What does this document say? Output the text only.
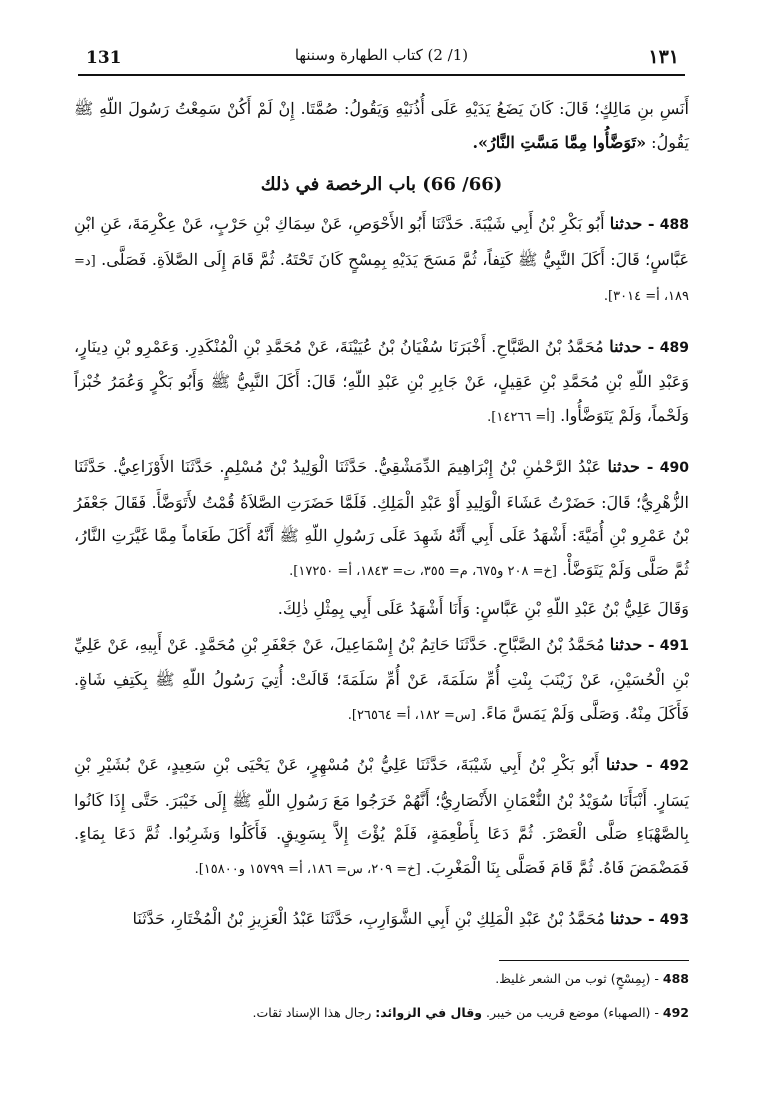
131	(1/ 2) كتاب الطهارة وسننها	١٣١

أَنَسِ بنِ مَالِكٍ؛ قَالَ: كَانَ يَضَعُ يَدَيْهِ عَلَى أُذُنَيْهِ وَيَقُولُ: صُمَّتَا. إِنْ لَمْ أَكُنْ سَمِعْتُ رَسُولَ اللّهِ ﷺ يَقُولُ: «تَوَضَّأُوا مِمَّا مَسَّتِ النَّارُ».

(66/ 66) باب الرخصة في ذلك

488 - حدثنا أَبُو بَكْرِ بْنُ أَبِي شَيْبَةَ. حَدَّثَنَا أَبُو الأَحْوَصِ، عَنْ سِمَاكِ بْنِ حَرْبٍ، عَنْ عِكْرِمَةَ، عَنِ ابْنِ عَبَّاسٍ؛ قَالَ: أَكَلَ النَّبِيُّ ﷺ كَتِفاً، ثُمَّ مَسَحَ يَدَيْهِ بِمِسْحٍ كَانَ تَحْتَهُ. ثُمَّ قَامَ إِلَى الصَّلاَةِ. فَصَلَّى. [د= ١٨٩، أ= ٣٠١٤].

489 - حدثنا مُحَمَّدُ بْنُ الصَّبَّاحِ. أَخْبَرَنَا سُفْيَانُ بْنُ عُيَيْنَةَ، عَنْ مُحَمَّدِ بْنِ الْمُنْكَدِرِ. وَعَمْرِو بْنِ دِينَارٍ، وَعَبْدِ اللّهِ بْنِ مُحَمَّدِ بْنِ عَقِيلٍ، عَنْ جَابِرِ بْنِ عَبْدِ اللّهِ؛ قَالَ: أَكَلَ النَّبِيُّ ﷺ وَأَبُو بَكْرٍ وَعُمَرُ خُبْزاً وَلَحْماً، وَلَمْ يَتَوَضَّأُوا. [أ= ١٤٢٦٦].

490 - حدثنا عَبْدُ الرَّحْمٰنِ بْنُ إِبْرَاهِيمَ الدِّمَشْقِيُّ. حَدَّثَنَا الْوَلِيدُ بْنُ مُسْلِمٍ. حَدَّثَنَا الأَوْزَاعِيُّ. حَدَّثَنَا الزُّهْرِيُّ؛ قَالَ: حَضَرْتُ عَشَاءَ الْوَلِيدِ أَوْ عَبْدِ الْمَلِكِ. فَلَمَّا حَضَرَتِ الصَّلاَةُ قُمْتُ لأَتَوَضَّأَ. فَقَالَ جَعْفَرُ بْنُ عَمْرِو بْنِ أُمَيَّةَ: أَشْهَدُ عَلَى أَبِي أَنَّهُ شَهِدَ عَلَى رَسُولِ اللّهِ ﷺ أَنَّهُ أَكَلَ طَعَاماً مِمَّا غَيَّرَتِ النَّارُ، ثُمَّ صَلَّى وَلَمْ يَتَوَضَّأْ. [خ= ٢٠٨ و٦٧٥، م= ٣٥٥، ت= ١٨٤٣، أ= ١٧٢٥٠].

وَقَالَ عَلِيُّ بْنُ عَبْدِ اللّهِ بْنِ عَبَّاسٍ: وَأَنَا أَشْهَدُ عَلَى أَبِي بِمِثْلِ ذٰلِكَ.

491 - حدثنا مُحَمَّدُ بْنُ الصَّبَّاحِ. حَدَّثَنَا حَاتِمُ بْنُ إِسْمَاعِيلَ، عَنْ جَعْفَرِ بْنِ مُحَمَّدٍ. عَنْ أَبِيهِ، عَنْ عَلِيِّ بْنِ الْحُسَيْنِ، عَنْ زَيْنَبَ بِنْتِ أُمِّ سَلَمَةَ، عَنْ أُمِّ سَلَمَةَ؛ قَالَتْ: أُتِيَ رَسُولُ اللّهِ ﷺ بِكَتِفِ شَاةٍ. فَأَكَلَ مِنْهُ. وَصَلَّى وَلَمْ يَمَسَّ مَاءً. [س= ١٨٢، أ= ٢٦٥٦٤].

492 - حدثنا أَبُو بَكْرِ بْنُ أَبِي شَيْبَةَ، حَدَّثَنَا عَلِيُّ بْنُ مُسْهِرٍ، عَنْ يَحْيَى بْنِ سَعِيدٍ، عَنْ بُشَيْرِ بْنِ يَسَارٍ. أَنْبَأَنَا سُوَيْدُ بْنُ النُّعْمَانِ الأَنْصَارِيُّ؛ أَنَّهُمْ خَرَجُوا مَعَ رَسُولِ اللّهِ ﷺ إِلَى خَيْبَرَ. حَتَّى إِذَا كَانُوا بِالصَّهْبَاءِ صَلَّى الْعَصْرَ. ثُمَّ دَعَا بِأَطْعِمَةٍ، فَلَمْ يُؤْتَ إِلاَّ بِسَوِيقٍ. فَأَكَلُوا وَشَرِبُوا. ثُمَّ دَعَا بِمَاءٍ. فَمَضْمَضَ فَاهُ. ثُمَّ قَامَ فَصَلَّى بِنَا الْمَغْرِبَ. [خ= ٢٠٩، س= ١٨٦، أ= ١٥٧٩٩ و١٥٨٠٠].

493 - حدثنا مُحَمَّدُ بْنُ عَبْدِ الْمَلِكِ بْنِ أَبِي الشَّوَارِبِ، حَدَّثَنَا عَبْدُ الْعَزِيزِ بْنُ الْمُخْتَارِ، حَدَّثَنَا

488 - (بِمِسْحٍ) ثوب من الشعر غليظ.

492 - (الصهباء) موضع قريب من خيبر. وقال في الزوائد: رجال هذا الإسناد ثقات.
